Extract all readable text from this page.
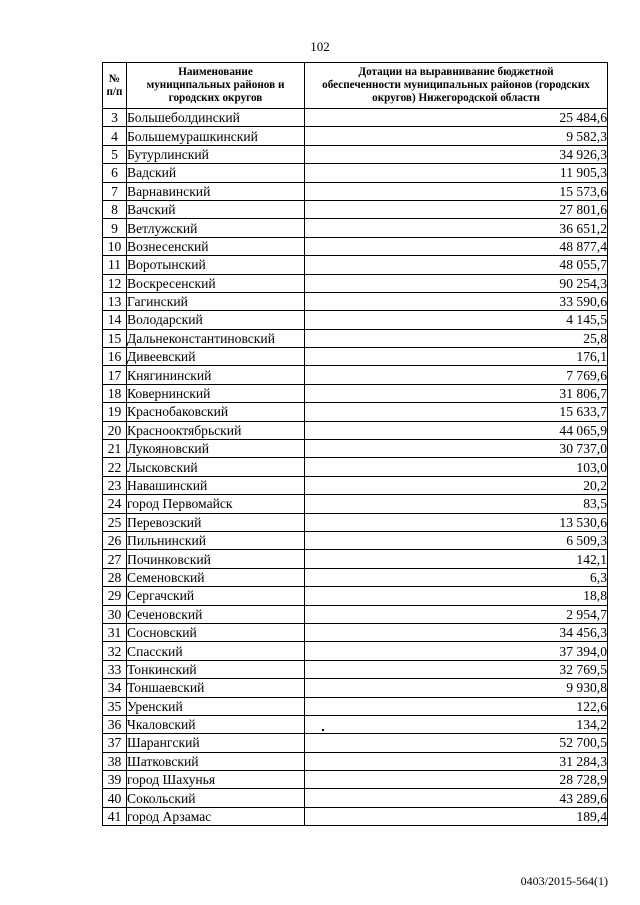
102
№
п/п	Наименование муниципальных районов и городских округов	Дотации на выравнивание бюджетной обеспеченности муниципальных районов (городских округов) Нижегородской области
3	Большеболдинский	25 484,6
4	Большемурашкинский	9 582,3
5	Бутурлинский	34 926,3
6	Вадский	11 905,3
7	Варнавинский	15 573,6
8	Вачский	27 801,6
9	Ветлужский	36 651,2
10	Вознесенский	48 877,4
11	Воротынский	48 055,7
12	Воскресенский	90 254,3
13	Гагинский	33 590,6
14	Володарский	4 145,5
15	Дальнеконстантиновский	25,8
16	Дивеевский	176,1
17	Княгининский	7 769,6
18	Ковернинский	31 806,7
19	Краснобаковский	15 633,7
20	Краснооктябрьский	44 065,9
21	Лукояновский	30 737,0
22	Лысковский	103,0
23	Навашинский	20,2
24	город Первомайск	83,5
25	Перевозский	13 530,6
26	Пильнинский	6 509,3
27	Починковский	142,1
28	Семеновский	6,3
29	Сергачский	18,8
30	Сеченовский	2 954,7
31	Сосновский	34 456,3
32	Спасский	37 394,0
33	Тонкинский	32 769,5
34	Тоншаевский	9 930,8
35	Уренский	122,6
36	Чкаловский	134,2
37	Шарангский	52 700,5
38	Шатковский	31 284,3
39	город Шахунья	28 728,9
40	Сокольский	43 289,6
41	город Арзамас	189,4
0403/2015-564(1)
